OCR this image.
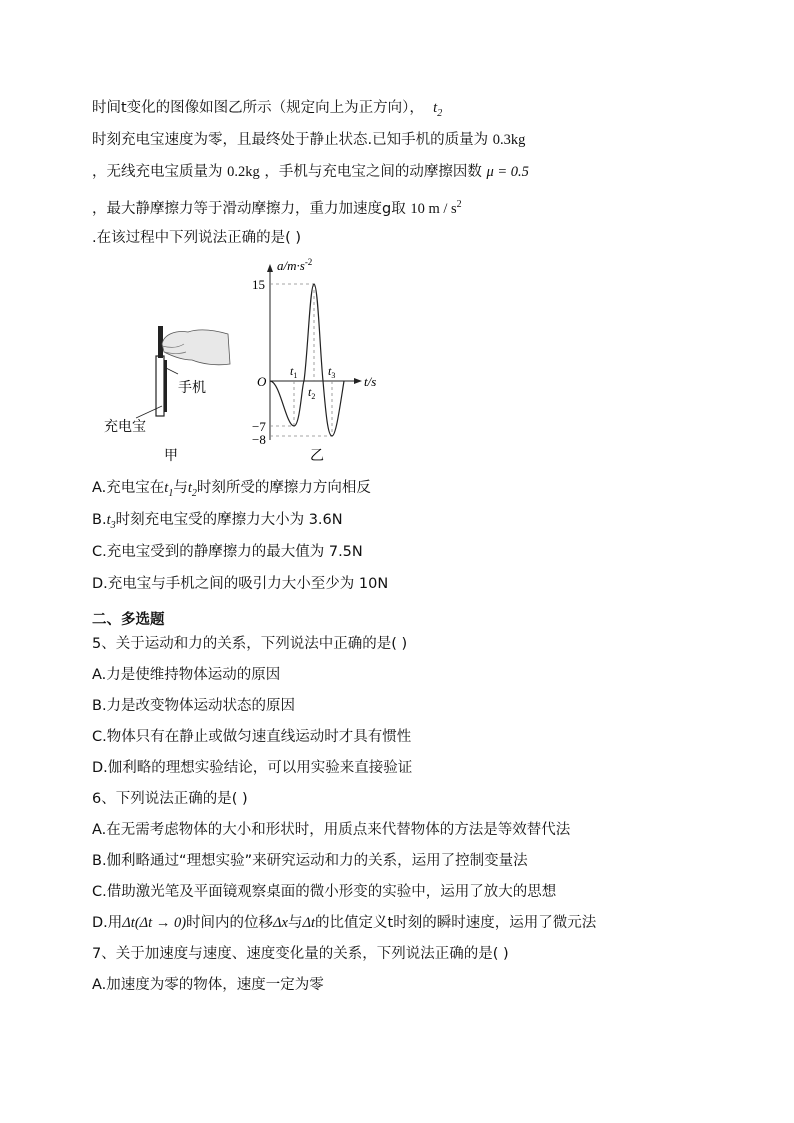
时间t变化的图像如图乙所示（规定向上为正方向）， $t_2$
时刻充电宝速度为零，且最终处于静止状态.已知手机的质量为 0.3kg
，无线充电宝质量为 0.2kg ，手机与充电宝之间的动摩擦因数 μ = 0.5
，最大静摩擦力等于滑动摩擦力，重力加速度g取 10 m / $s^2$
.在该过程中下列说法正确的是( )
手机
充电宝
甲
$a/m\cdot s^{-2}$
15
O
−7
−8
t/s
$t_1$
$t_2$
$t_3$
乙
A.充电宝在$t_1$与$t_2$时刻所受的摩擦力方向相反
$B.t_3$时刻充电宝受的摩擦力大小为 3.6N
C.充电宝受到的静摩擦力的最大值为 7.5N
D.充电宝与手机之间的吸引力大小至少为 10N
二、多选题
5、关于运动和力的关系，下列说法中正确的是( )
A.力是使维持物体运动的原因
B.力是改变物体运动状态的原因
C.物体只有在静止或做匀速直线运动时才具有惯性
D.伽利略的理想实验结论，可以用实验来直接验证
6、下列说法正确的是( )
A.在无需考虑物体的大小和形状时，用质点来代替物体的方法是等效替代法
B.伽利略通过“理想实验”来研究运动和力的关系，运用了控制变量法
C.借助激光笔及平面镜观察桌面的微小形变的实验中，运用了放大的思想
D.用Δt(Δt → 0)时间内的位移Δx与Δt的比值定义t时刻的瞬时速度，运用了微元法
7、关于加速度与速度、速度变化量的关系，下列说法正确的是( )
A.加速度为零的物体，速度一定为零
